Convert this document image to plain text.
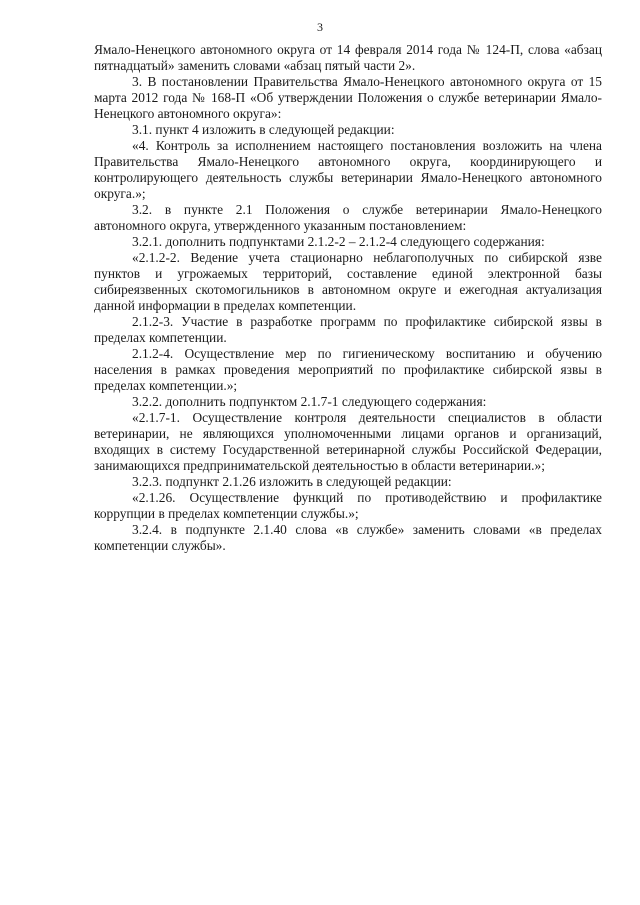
3

Ямало-Ненецкого автономного округа от 14 февраля 2014 года № 124-П, слова «абзац пятнадцатый» заменить словами «абзац пятый части 2».

3. В постановлении Правительства Ямало-Ненецкого автономного округа от 15 марта 2012 года № 168-П «Об утверждении Положения о службе ветеринарии Ямало-Ненецкого автономного округа»:

3.1. пункт 4 изложить в следующей редакции:

«4. Контроль за исполнением настоящего постановления возложить на члена Правительства Ямало-Ненецкого автономного округа, координирующего и контролирующего деятельность службы ветеринарии Ямало-Ненецкого автономного округа.»;

3.2. в пункте 2.1 Положения о службе ветеринарии Ямало-Ненецкого автономного округа, утвержденного указанным постановлением:

3.2.1. дополнить подпунктами 2.1.2-2 – 2.1.2-4 следующего содержания:

«2.1.2-2. Ведение учета стационарно неблагополучных по сибирской язве пунктов и угрожаемых территорий, составление единой электронной базы сибиреязвенных скотомогильников в автономном округе и ежегодная актуализация данной информации в пределах компетенции.

2.1.2-3. Участие в разработке программ по профилактике сибирской язвы в пределах компетенции.

2.1.2-4. Осуществление мер по гигиеническому воспитанию и обучению населения в рамках проведения мероприятий по профилактике сибирской язвы в пределах компетенции.»;

3.2.2. дополнить подпунктом 2.1.7-1 следующего содержания:

«2.1.7-1. Осуществление контроля деятельности специалистов в области ветеринарии, не являющихся уполномоченными лицами органов и организаций, входящих в систему Государственной ветеринарной службы Российской Федерации, занимающихся предпринимательской деятельностью в области ветеринарии.»;

3.2.3. подпункт 2.1.26 изложить в следующей редакции:

«2.1.26. Осуществление функций по противодействию и профилактике коррупции в пределах компетенции службы.»;

3.2.4. в подпункте 2.1.40 слова «в службе» заменить словами «в пределах компетенции службы».
